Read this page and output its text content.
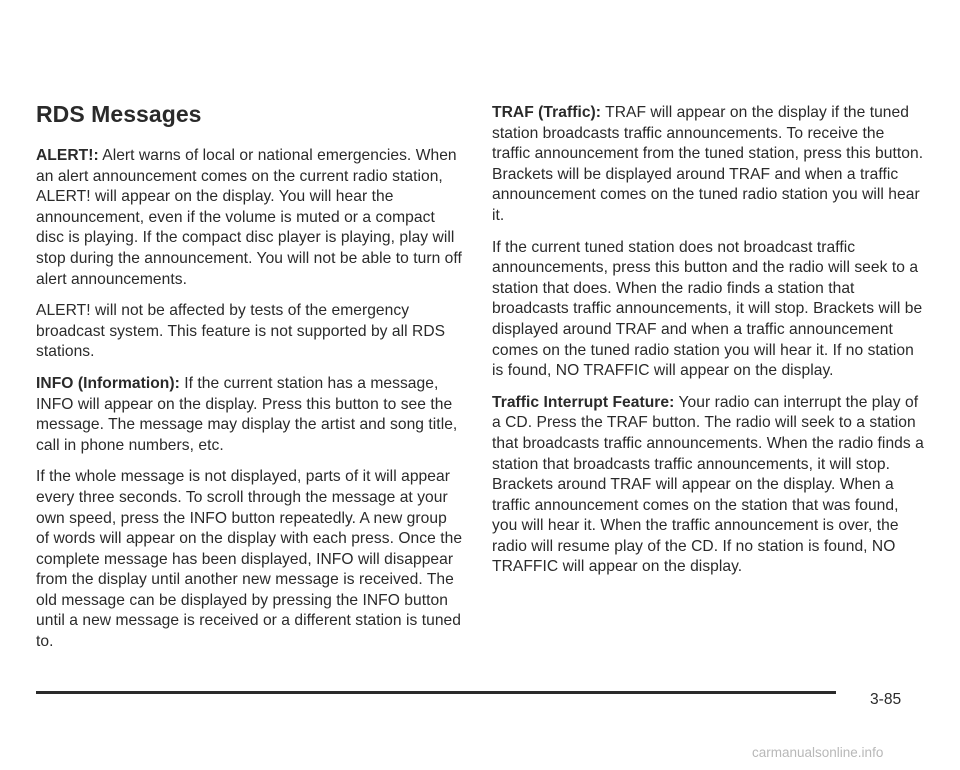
RDS Messages

ALERT!: Alert warns of local or national emergencies. When an alert announcement comes on the current radio station, ALERT! will appear on the display. You will hear the announcement, even if the volume is muted or a compact disc is playing. If the compact disc player is playing, play will stop during the announcement. You will not be able to turn off alert announcements.

ALERT! will not be affected by tests of the emergency broadcast system. This feature is not supported by all RDS stations.

INFO (Information): If the current station has a message, INFO will appear on the display. Press this button to see the message. The message may display the artist and song title, call in phone numbers, etc.

If the whole message is not displayed, parts of it will appear every three seconds. To scroll through the message at your own speed, press the INFO button repeatedly. A new group of words will appear on the display with each press. Once the complete message has been displayed, INFO will disappear from the display until another new message is received. The old message can be displayed by pressing the INFO button until a new message is received or a different station is tuned to.

TRAF (Traffic): TRAF will appear on the display if the tuned station broadcasts traffic announcements. To receive the traffic announcement from the tuned station, press this button. Brackets will be displayed around TRAF and when a traffic announcement comes on the tuned radio station you will hear it.

If the current tuned station does not broadcast traffic announcements, press this button and the radio will seek to a station that does. When the radio finds a station that broadcasts traffic announcements, it will stop. Brackets will be displayed around TRAF and when a traffic announcement comes on the tuned radio station you will hear it. If no station is found, NO TRAFFIC will appear on the display.

Traffic Interrupt Feature: Your radio can interrupt the play of a CD. Press the TRAF button. The radio will seek to a station that broadcasts traffic announcements. When the radio finds a station that broadcasts traffic announcements, it will stop. Brackets around TRAF will appear on the display. When a traffic announcement comes on the station that was found, you will hear it. When the traffic announcement is over, the radio will resume play of the CD. If no station is found, NO TRAFFIC will appear on the display.

3-85
carmanualsonline.info
